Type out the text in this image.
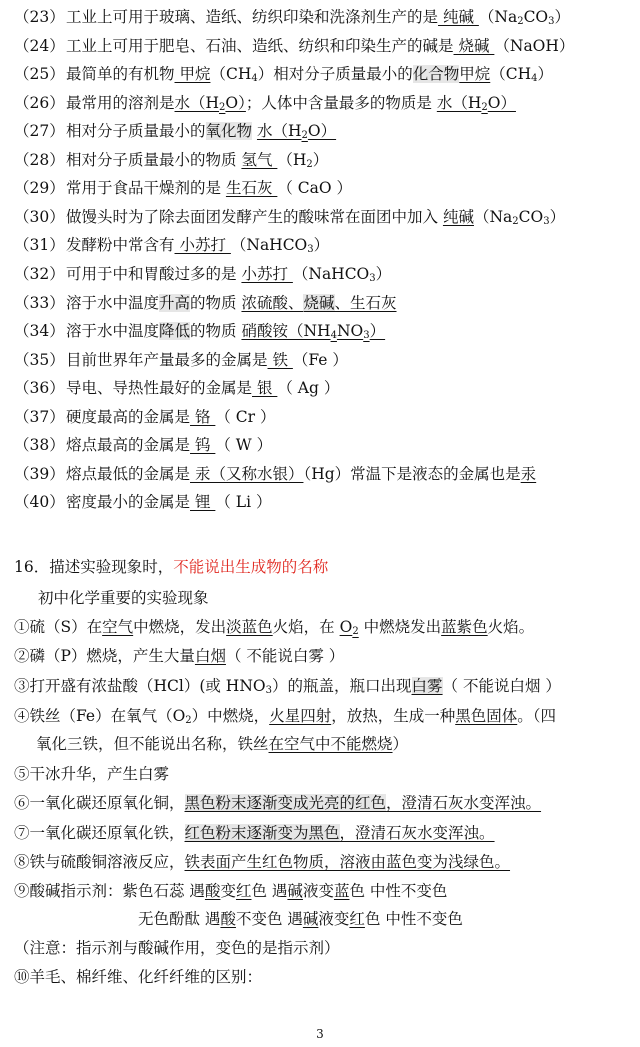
（23）工业上可用于玻璃、造纸、纺织印染和洗涤剂生产的是 纯碱 $(Na_2CO_3)$
（24）工业上可用于肥皂、石油、造纸、纺织和印染生产的碱是 烧碱 （NaOH）
（25）最简单的有机物 甲烷$(CH_4)$相对分子质量最小的化合物甲烷$(CH_4)$
（26）最常用的溶剂是水$(H_2O)$；人体中含量最多的物质是 水$(H_2O)$
（27）相对分子质量最小的氧化物 水$(H_2O)$
（28）相对分子质量最小的物质 氢气 $(H_2)$
（29）常用于食品干燥剂的是 生石灰 （ CaO ）
（30）做馒头时为了除去面团发酵产生的酸味常在面团中加入 纯碱$(Na_2CO_3)$
（31）发酵粉中常含有 小苏打 （NaHCO$_3$）
（32）可用于中和胃酸过多的是 小苏打 （NaHCO$_3$）
（33）溶于水中温度升高的物质 浓硫酸、烧碱、生石灰
（34）溶于水中温度降低的物质 硝酸铵$(NH_4NO_3)$
（35）目前世界年产量最多的金属是 铁 （Fe ）
（36）导电、导热性最好的金属是 银 （ Ag ）
（37）硬度最高的金属是 铬 （ Cr ）
（38）熔点最高的金属是 钨 （ W ）
（39）熔点最低的金属是 汞（又称水银）（Hg）常温下是液态的金属也是汞
（40）密度最小的金属是 锂 （ Li ）
16．描述实验现象时，不能说出生成物的名称
初中化学重要的实验现象
①硫（S）在空气中燃烧，发出淡蓝色火焰，在 $O_2$ 中燃烧发出蓝紫色火焰。
②磷（P）燃烧，产生大量白烟（ 不能说白雾 ）
③打开盛有浓盐酸（HCl）(或 $HNO_3$）的瓶盖，瓶口出现白雾（ 不能说白烟 ）
④铁丝（Fe）在氧气$(O_2)$中燃烧，火星四射，放热，生成一种黑色固体。（四
氧化三铁，但不能说出名称，铁丝在空气中不能燃烧）
⑤干冰升华，产生白雾
⑥一氧化碳还原氧化铜，黑色粉末逐渐变成光亮的红色，澄清石灰水变浑浊。
⑦一氧化碳还原氧化铁，红色粉末逐渐变为黑色，澄清石灰水变浑浊。
⑧铁与硫酸铜溶液反应，铁表面产生红色物质，溶液由蓝色变为浅绿色。
⑨酸碱指示剂：紫色石蕊 遇酸变红色 遇碱液变蓝色 中性不变色
无色酚酞 遇酸不变色 遇碱液变红色 中性不变色
（注意：指示剂与酸碱作用，变色的是指示剂）
⑩羊毛、棉纤维、化纤纤维的区别：
3
